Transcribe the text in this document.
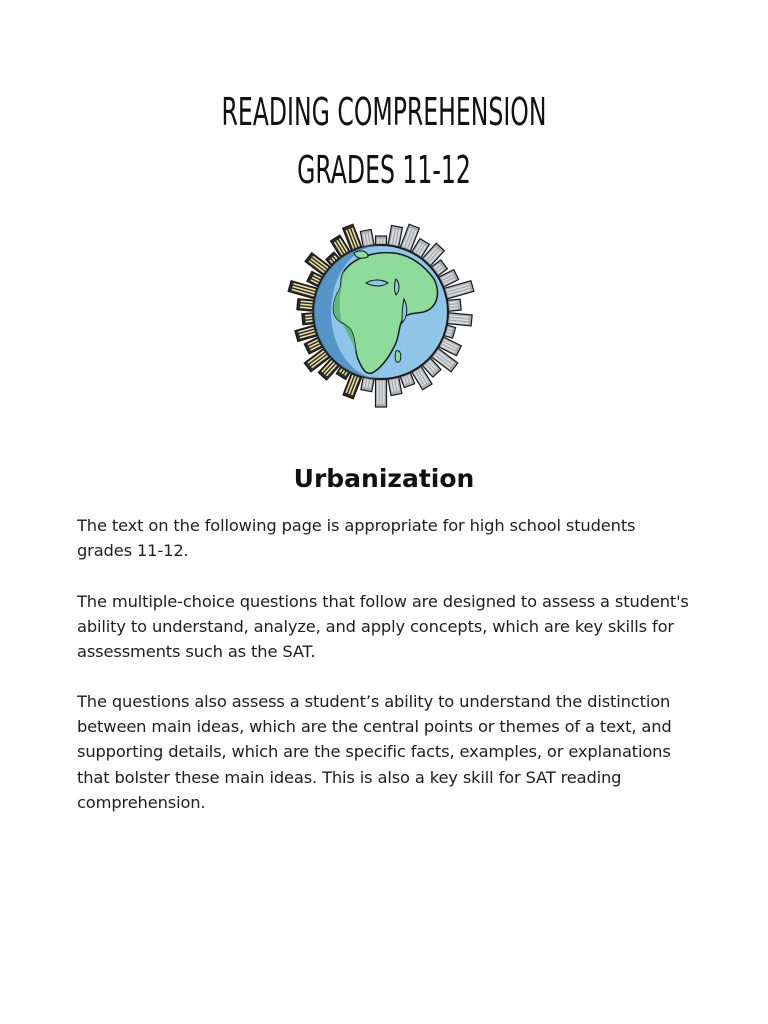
READING COMPREHENSION
GRADES 11-12
Urbanization

The text on the following page is appropriate for high school students grades 11-12.

The multiple-choice questions that follow are designed to assess a student's ability to understand, analyze, and apply concepts, which are key skills for assessments such as the SAT.

The questions also assess a student’s ability to understand the distinction between main ideas, which are the central points or themes of a text, and supporting details, which are the specific facts, examples, or explanations that bolster these main ideas. This is also a key skill for SAT reading comprehension.
